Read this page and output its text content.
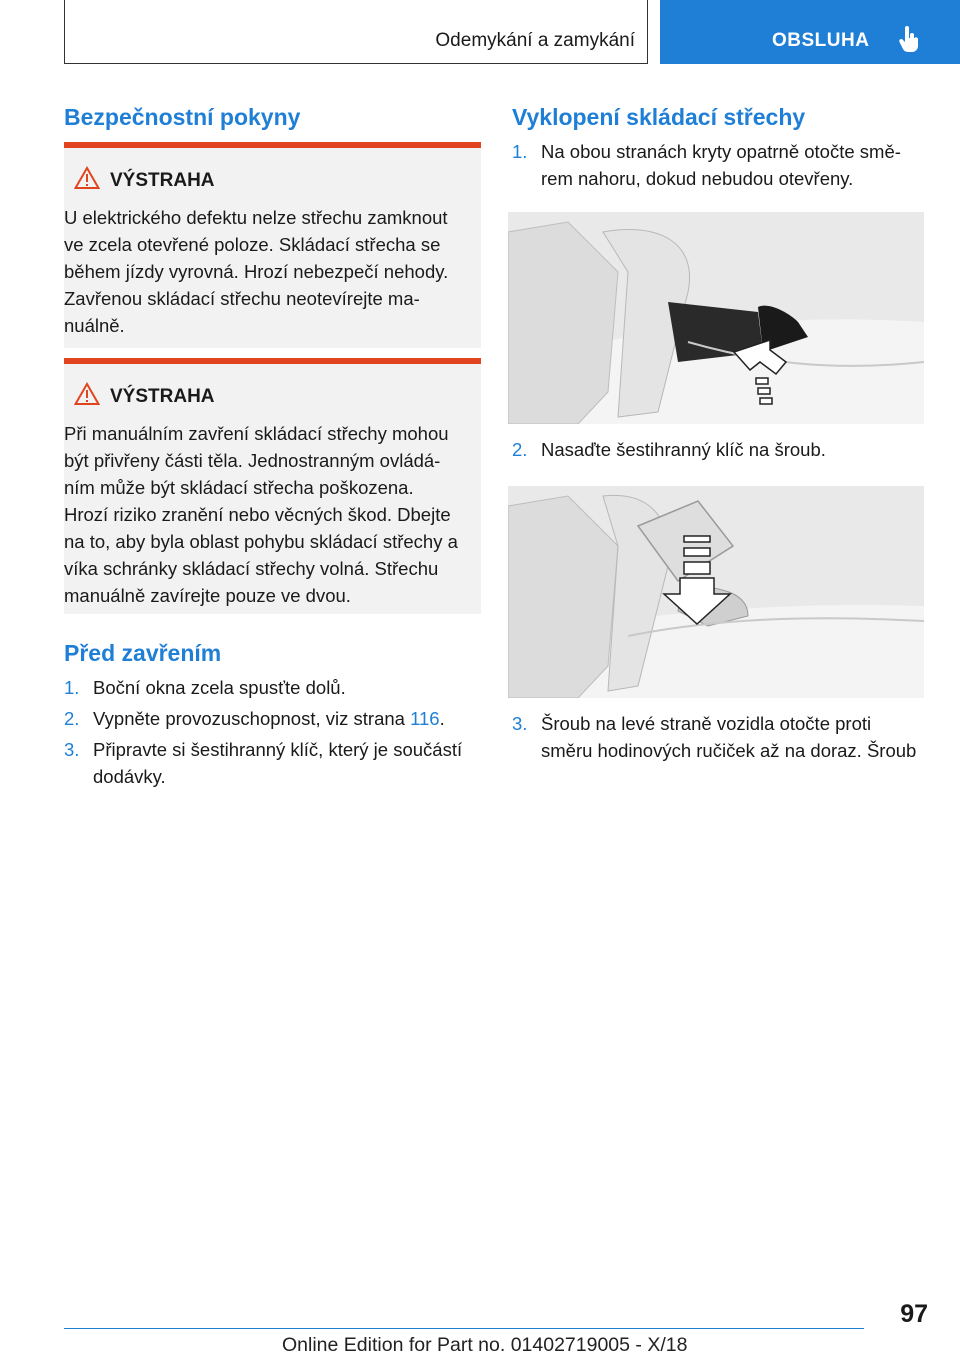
Odemykání a zamykání	OBSLUHA
Bezpečnostní pokyny
VÝSTRAHA
U elektrického defektu nelze střechu zamknout
ve zcela otevřené poloze. Skládací střecha se
během jízdy vyrovná. Hrozí nebezpečí nehody.
Zavřenou skládací střechu neotevírejte ma‐
nuálně.
VÝSTRAHA
Při manuálním zavření skládací střechy mohou
být přivřeny části těla. Jednostranným ovládá‐
ním může být skládací střecha poškozena.
Hrozí riziko zranění nebo věcných škod. Dbejte
na to, aby byla oblast pohybu skládací střechy a
víka schránky skládací střechy volná. Střechu
manuálně zavírejte pouze ve dvou.
Před zavřením
1. Boční okna zcela spusťte dolů.
2. Vypněte provozuschopnost, viz strana 116.
3. Připravte si šestihranný klíč, který je součástí
dodávky.
Vyklopení skládací střechy
1. Na obou stranách kryty opatrně otočte smě‐
rem nahoru, dokud nebudou otevřeny.
2. Nasaďte šestihranný klíč na šroub.
3. Šroub na levé straně vozidla otočte proti
směru hodinových ručiček až na doraz. Šroub
97
Online Edition for Part no. 01402719005 - X/18
